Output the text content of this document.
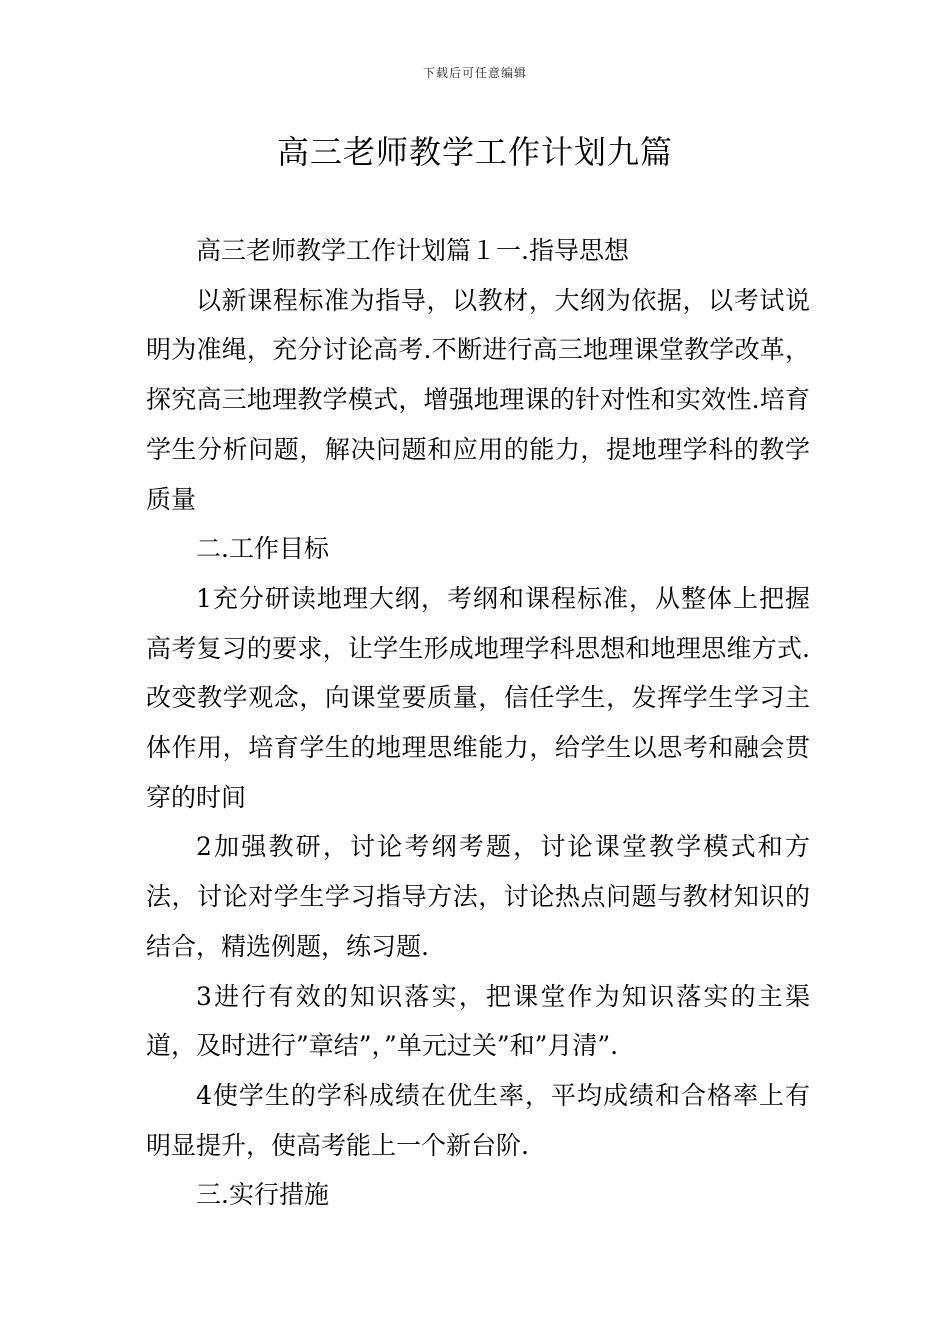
下载后可任意编辑
高三老师教学工作计划九篇

高三老师教学工作计划篇１一.指导思想

以新课程标准为指导，以教材，大纲为依据，以考试说明为准绳，充分讨论高考.不断进行高三地理课堂教学改革，探究高三地理教学模式，增强地理课的针对性和实效性.培育学生分析问题，解决问题和应用的能力，提地理学科的教学质量

二.工作目标

1充分研读地理大纲，考纲和课程标准，从整体上把握高考复习的要求，让学生形成地理学科思想和地理思维方式.改变教学观念，向课堂要质量，信任学生，发挥学生学习主体作用，培育学生的地理思维能力，给学生以思考和融会贯穿的时间

2加强教研，讨论考纲考题，讨论课堂教学模式和方法，讨论对学生学习指导方法，讨论热点问题与教材知识的结合，精选例题，练习题.

3进行有效的知识落实，把课堂作为知识落实的主渠道，及时进行”章结”，”单元过关”和”月清”.

4使学生的学科成绩在优生率，平均成绩和合格率上有明显提升，使高考能上一个新台阶.

三.实行措施
